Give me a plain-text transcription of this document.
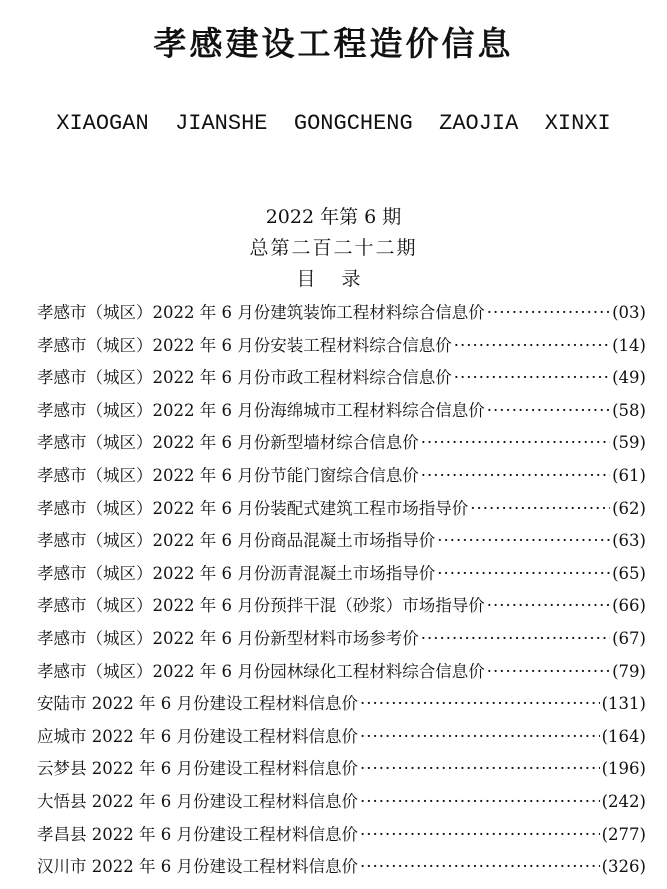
孝感建设工程造价信息
XIAOGAN  JIANSHE  GONGCHENG  ZAOJIA  XINXI
2022 年第 6 期
总第二百二十二期
目 录
孝感市（城区）2022 年 6 月份建筑装饰工程材料综合信息价 ·····	(03)
孝感市（城区）2022 年 6 月份安装工程材料综合信息价 ·····	(14)
孝感市（城区）2022 年 6 月份市政工程材料综合信息价 ·····	(49)
孝感市（城区）2022 年 6 月份海绵城市工程材料综合信息价 ·····	(58)
孝感市（城区）2022 年 6 月份新型墙材综合信息价 ·····	(59)
孝感市（城区）2022 年 6 月份节能门窗综合信息价 ·····	(61)
孝感市（城区）2022 年 6 月份装配式建筑工程市场指导价 ·····	(62)
孝感市（城区）2022 年 6 月份商品混凝土市场指导价 ·····	(63)
孝感市（城区）2022 年 6 月份沥青混凝土市场指导价 ·····	(65)
孝感市（城区）2022 年 6 月份预拌干混（砂浆）市场指导价 ·····	(66)
孝感市（城区）2022 年 6 月份新型材料市场参考价 ·····	(67)
孝感市（城区）2022 年 6 月份园林绿化工程材料综合信息价 ·····	(79)
安陆市 2022 年 6 月份建设工程材料信息价 ·····	(131)
应城市 2022 年 6 月份建设工程材料信息价 ·····	(164)
云梦县 2022 年 6 月份建设工程材料信息价 ·····	(196)
大悟县 2022 年 6 月份建设工程材料信息价 ·····	(242)
孝昌县 2022 年 6 月份建设工程材料信息价 ·····	(277)
汉川市 2022 年 6 月份建设工程材料信息价 ·····	(326)
